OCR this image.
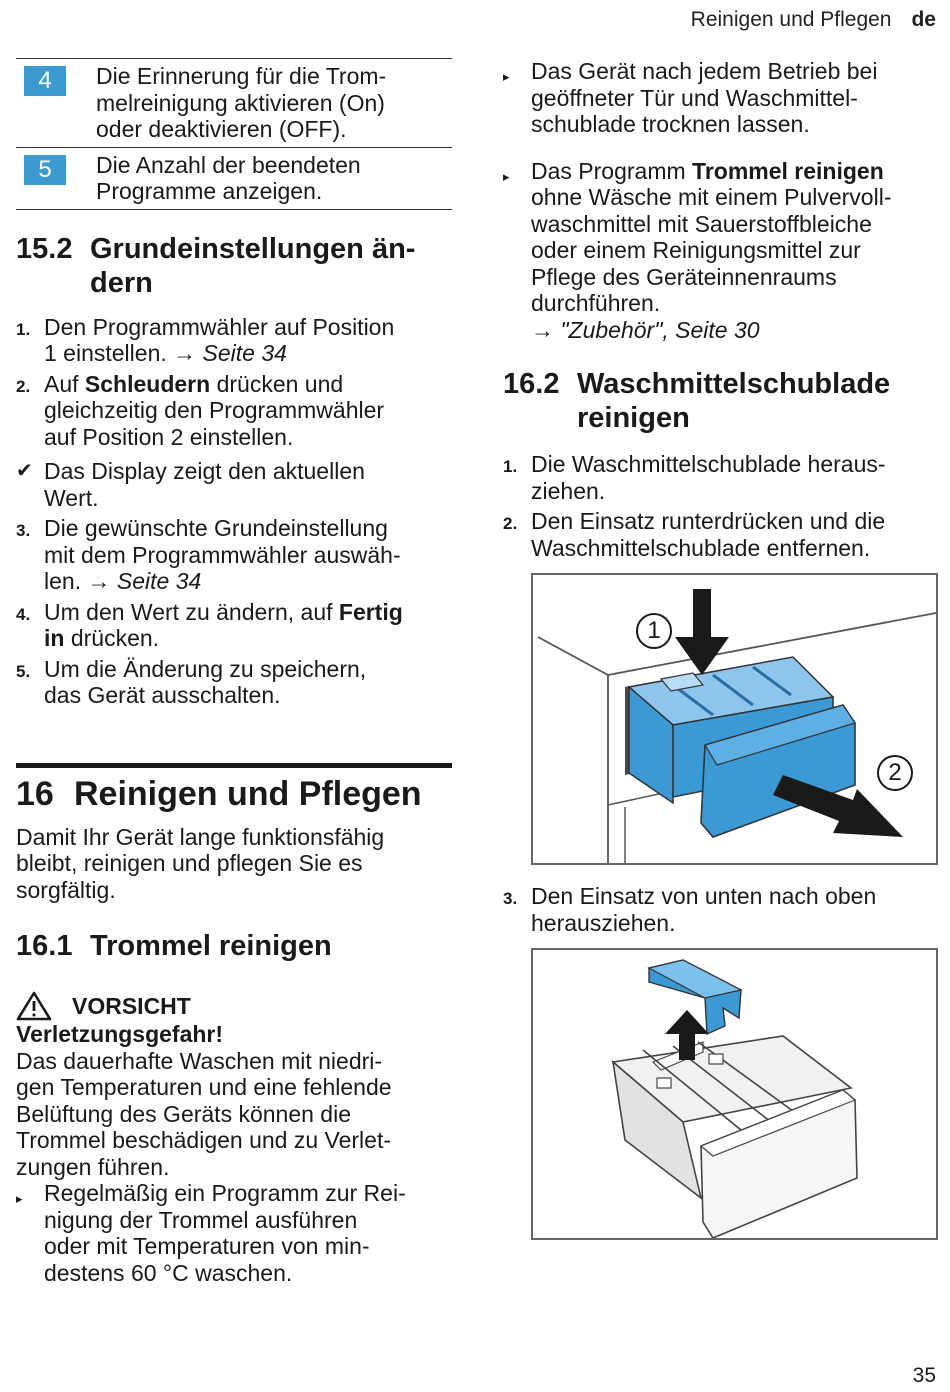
Reinigen und Pflegen de
4	Die Erinnerung für die Trom-
melreinigung aktivieren (On)
oder deaktivieren (OFF).
5	Die Anzahl der beendeten
Programme anzeigen.
15.2 Grundeinstellungen än-
dern
1. Den Programmwähler auf Position
1 einstellen. → Seite 34
2. Auf Schleudern drücken und
gleichzeitig den Programmwähler
auf Position 2 einstellen.
✔ Das Display zeigt den aktuellen
Wert.
3. Die gewünschte Grundeinstellung
mit dem Programmwähler auswäh-
len. → Seite 34
4. Um den Wert zu ändern, auf Fertig
in drücken.
5. Um die Änderung zu speichern,
das Gerät ausschalten.
16 Reinigen und Pflegen
Damit Ihr Gerät lange funktionsfähig
bleibt, reinigen und pflegen Sie es
sorgfältig.
16.1 Trommel reinigen
VORSICHT
Verletzungsgefahr!
Das dauerhafte Waschen mit niedri-
gen Temperaturen und eine fehlende
Belüftung des Geräts können die
Trommel beschädigen und zu Verlet-
zungen führen.
▸ Regelmäßig ein Programm zur Rei-
nigung der Trommel ausführen
oder mit Temperaturen von min-
destens 60 °C waschen.
▸ Das Gerät nach jedem Betrieb bei
geöffneter Tür und Waschmittel-
schublade trocknen lassen.
▸ Das Programm Trommel reinigen
ohne Wäsche mit einem Pulvervoll-
waschmittel mit Sauerstoffbleiche
oder einem Reinigungsmittel zur
Pflege des Geräteinnenraums
durchführen.
→ "Zubehör", Seite 30
16.2 Waschmittelschublade
reinigen
1. Die Waschmittelschublade heraus-
ziehen.
2. Den Einsatz runterdrücken und die
Waschmittelschublade entfernen.
1
2
3. Den Einsatz von unten nach oben
herausziehen.
35
